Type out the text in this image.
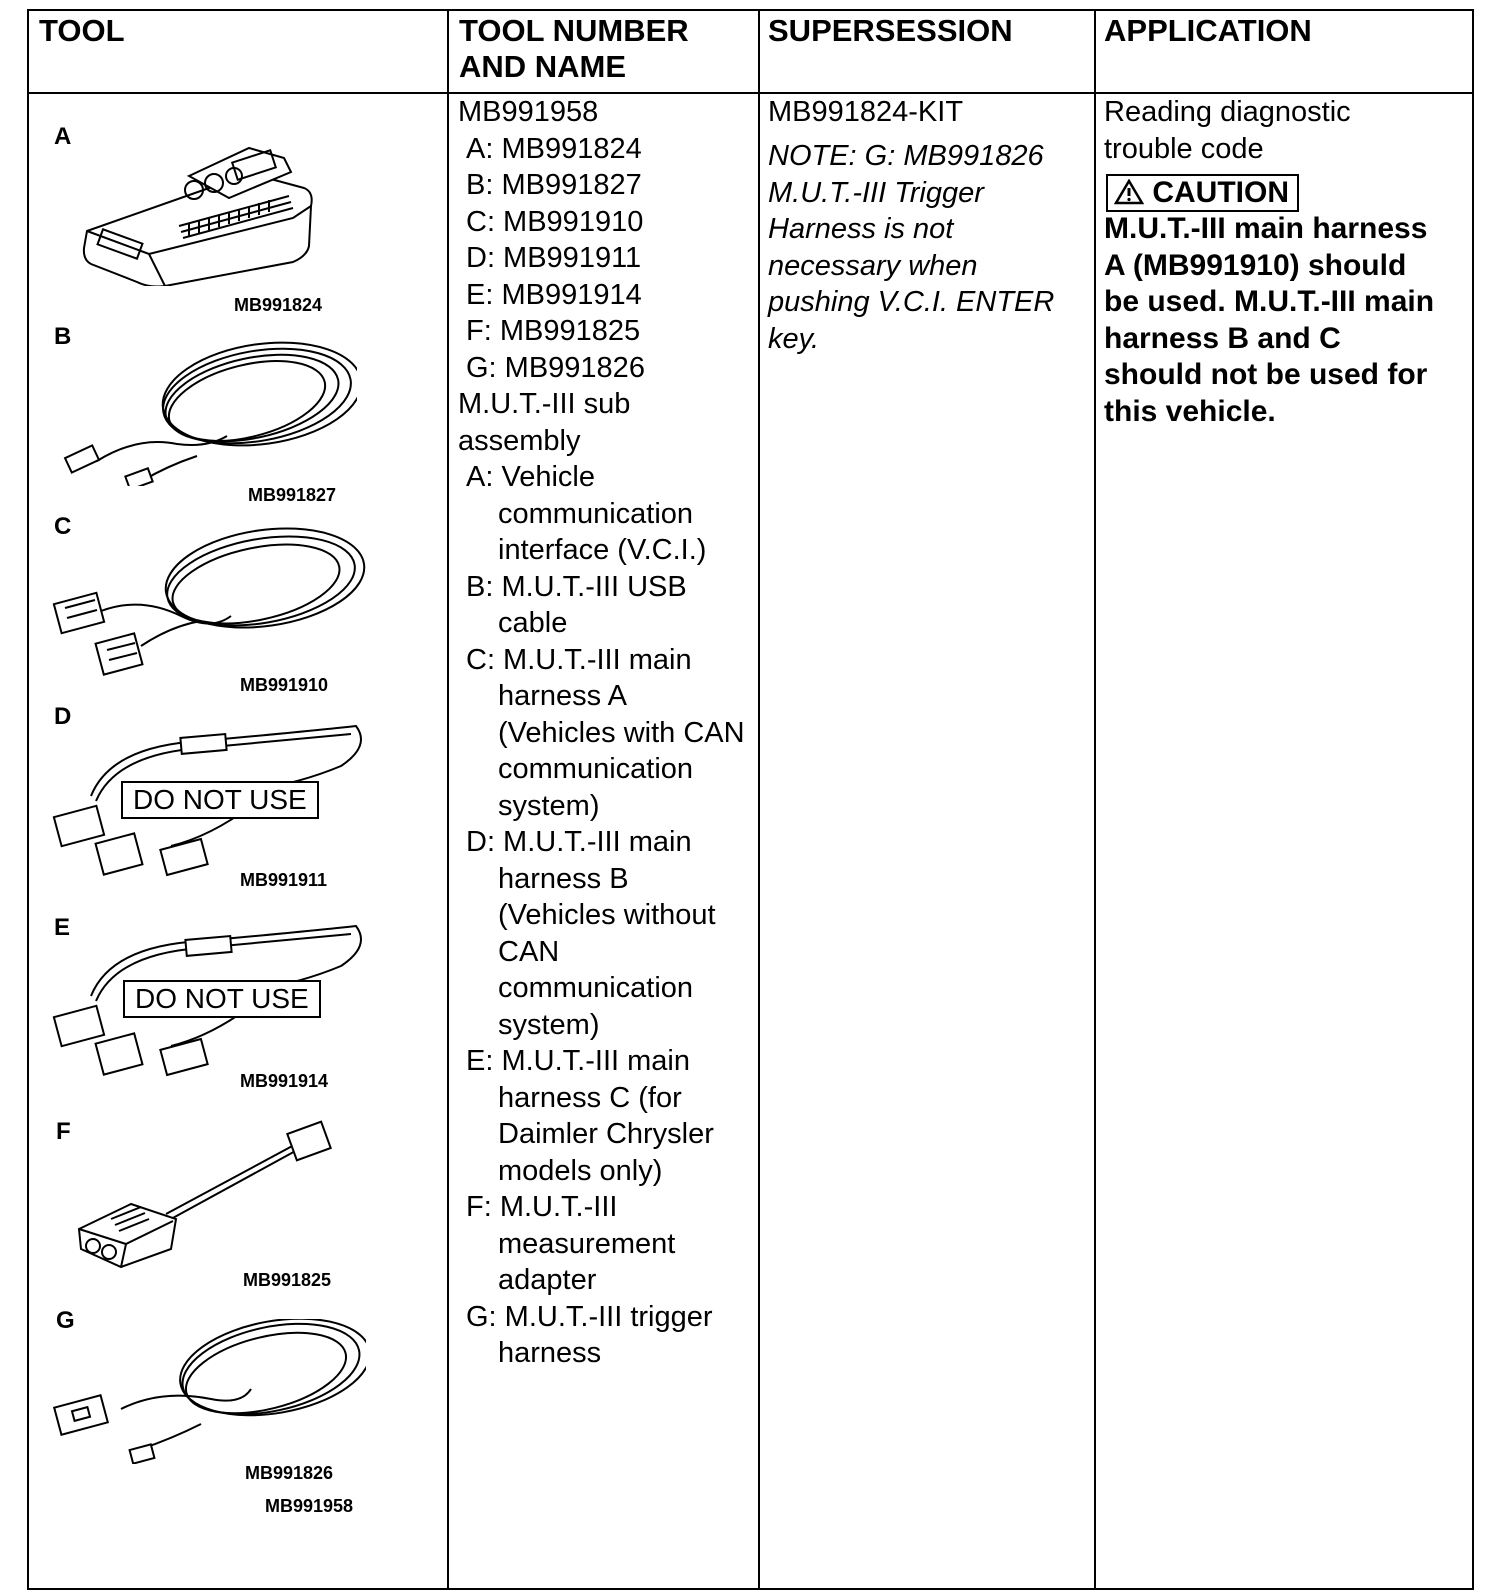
TOOL	TOOL NUMBER
AND NAME
SUPERSESSION	APPLICATION
A
MB991824
B
MB991827
C
MB991910
D
MB991911
E
MB991914
F
MB991825
G
MB991826
MB991958
DO NOT USE
DO NOT USE
MB991958
A: MB991824
B: MB991827
C: MB991910
D: MB991911
E: MB991914
F: MB991825
G: MB991826
M.U.T.-III sub
assembly
A: Vehicle
communication
interface (V.C.I.)
B: M.U.T.-III USB
cable
C: M.U.T.-III main
harness A
(Vehicles with CAN
communication
system)
D: M.U.T.-III main
harness B
(Vehicles without
CAN
communication
system)
E: M.U.T.-III main
harness C (for
Daimler Chrysler
models only)
F: M.U.T.-III
measurement
adapter
G: M.U.T.-III trigger
harness
MB991824-KIT
NOTE: G: MB991826
M.U.T.-III Trigger
Harness is not
necessary when
pushing V.C.I. ENTER
key.
Reading diagnostic
trouble code
CAUTION
M.U.T.-III main harness
A (MB991910) should
be used. M.U.T.-III main
harness B and C
should not be used for
this vehicle.
